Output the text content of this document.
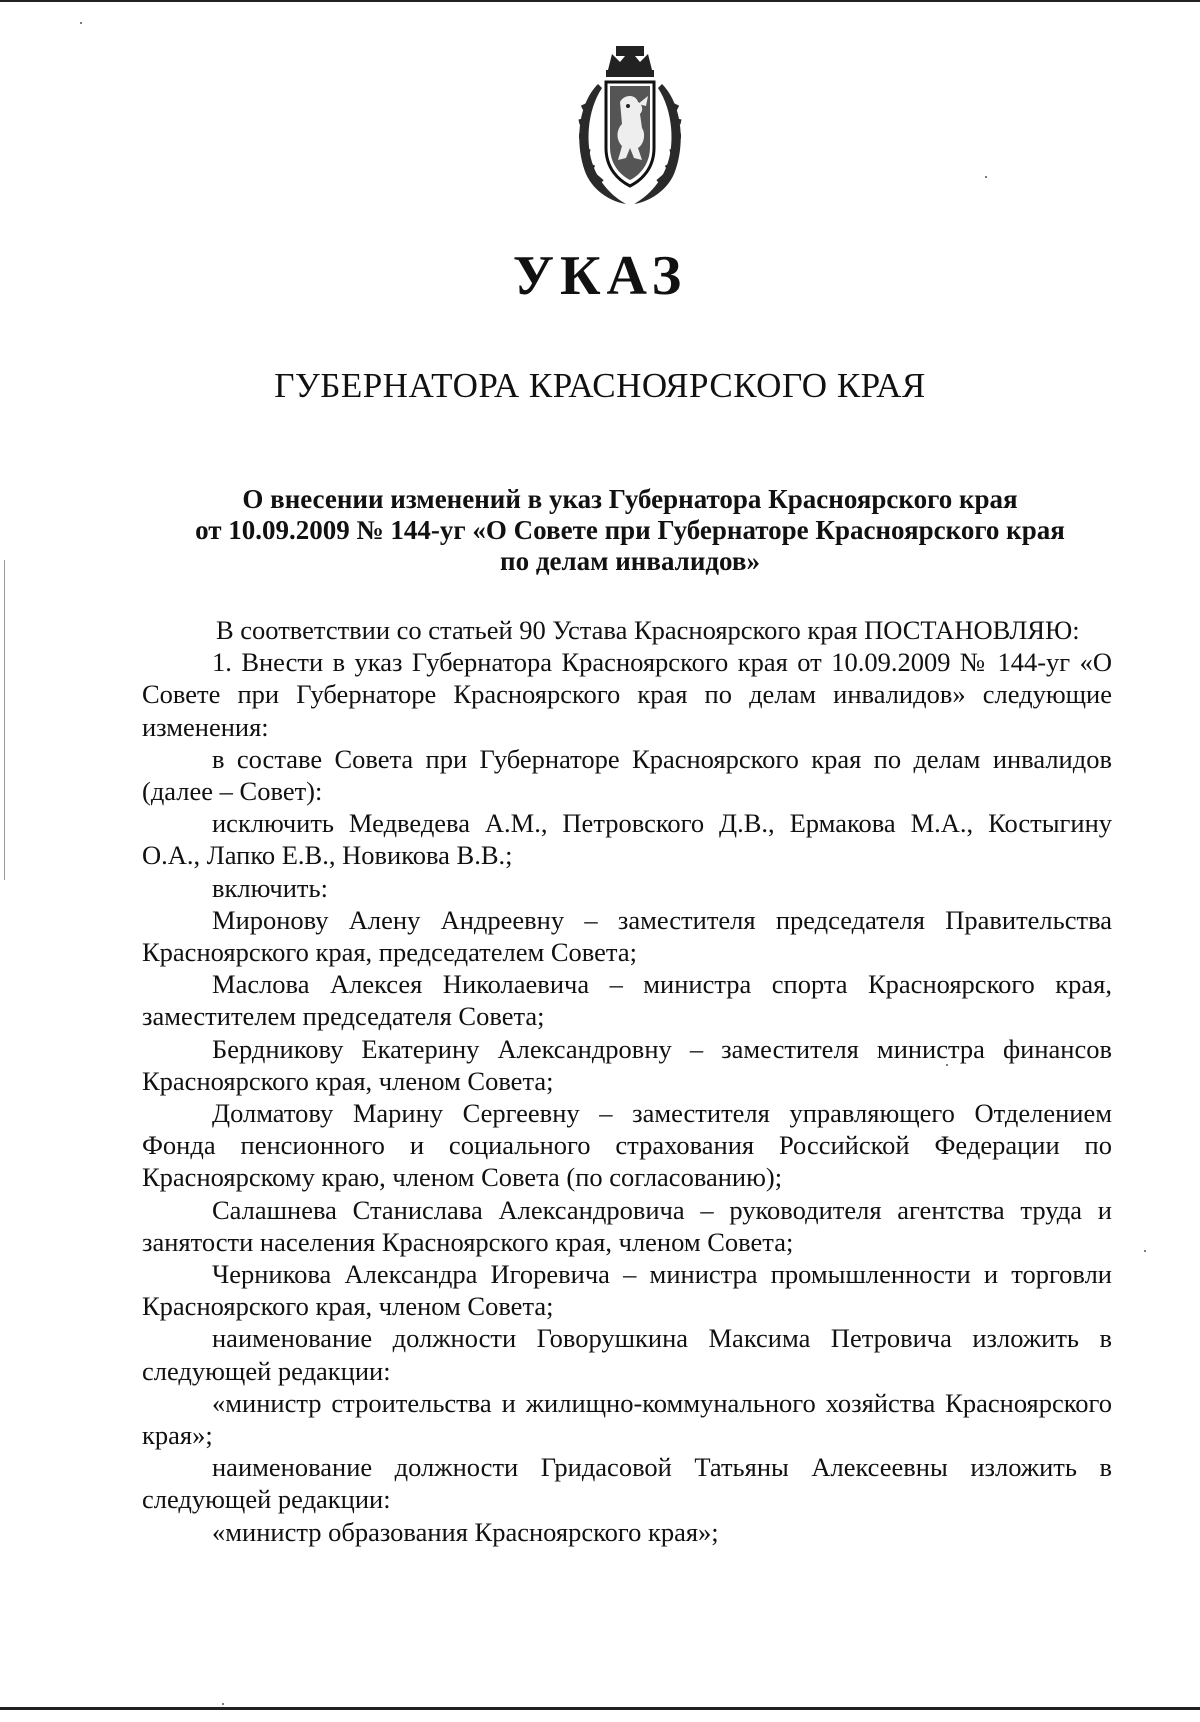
УКАЗ
ГУБЕРНАТОРА КРАСНОЯРСКОГО КРАЯ
О внесении изменений в указ Губернатора Красноярского края
от 10.09.2009 № 144-уг «О Совете при Губернаторе Красноярского края
по делам инвалидов»

В соответствии со статьей 90 Устава Красноярского края ПОСТАНОВЛЯЮ:

1. Внести в указ Губернатора Красноярского края от 10.09.2009 № 144-уг «О Совете при Губернаторе Красноярского края по делам инвалидов» следующие изменения:

в составе Совета при Губернаторе Красноярского края по делам инвалидов (далее – Совет):

исключить Медведева А.М., Петровского Д.В., Ермакова М.А., Костыгину О.А., Лапко Е.В., Новикова В.В.;

включить:

Миронову Алену Андреевну – заместителя председателя Правительства Красноярского края, председателем Совета;

Маслова Алексея Николаевича – министра спорта Красноярского края, заместителем председателя Совета;

Бердникову Екатерину Александровну – заместителя министра финансов Красноярского края, членом Совета;

Долматову Марину Сергеевну – заместителя управляющего Отделением Фонда пенсионного и социального страхования Российской Федерации по Красноярскому краю, членом Совета (по согласованию);

Салашнева Станислава Александровича – руководителя агентства труда и занятости населения Красноярского края, членом Совета;

Черникова Александра Игоревича – министра промышленности и торговли Красноярского края, членом Совета;

наименование должности Говорушкина Максима Петровича изложить в следующей редакции:

«министр строительства и жилищно-коммунального хозяйства Красноярского края»;

наименование должности Гридасовой Татьяны Алексеевны изложить в следующей редакции:

«министр образования Красноярского края»;
